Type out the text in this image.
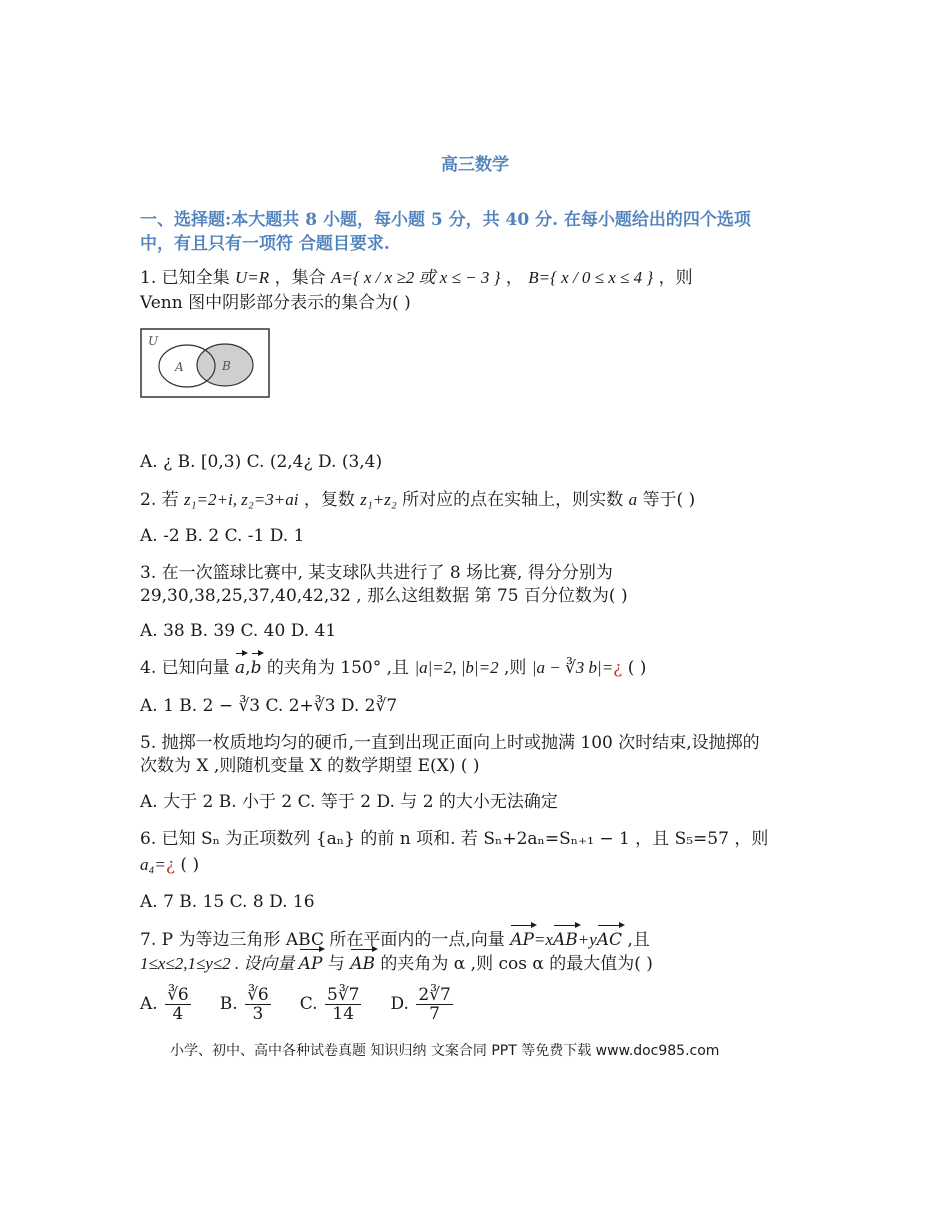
高三数学
一、选择题:本大题共 8 小题，每小题 5 分，共 40 分. 在每小题给出的四个选项
中，有且只有一项符 合题目要求.
1. 已知全集 U=R ，集合 A={ x / x ≥2 或 x ≤ − 3 } ， B={ x / 0 ≤ x ≤ 4 } ，则
Venn 图中阴影部分表示的集合为( )
U
A	B
A. ¿ B. [0,3) C. (2,4¿ D. (3,4)
2. 若 z₁=2+i, z₂=3+ai ，复数 z₁+z₂ 所对应的点在实轴上，则实数 a 等于( )
A. -2 B. 2 C. -1 D. 1
3. 在一次篮球比赛中, 某支球队共进行了 8 场比赛, 得分分别为
29,30,38,25,37,40,42,32 , 那么这组数据 第 75 百分位数为( )
A. 38 B. 39 C. 40 D. 41
4. 已知向量 a,b 的夹角为 150° ,且 |a|=2, |b|=2 ,则 |a − ∛3 b|=¿ ( )
A. 1 B. 2 − ∛3 C. 2+∛3 D. 2∛7
5. 抛掷一枚质地均匀的硬币,一直到出现正面向上时或抛满 100 次时结束,设抛掷的
次数为 X ,则随机变量 X 的数学期望 E(X) ( )
A. 大于 2 B. 小于 2 C. 等于 2 D. 与 2 的大小无法确定
6. 已知 Sₙ 为正项数列 {aₙ} 的前 n 项和. 若 Sₙ+2aₙ=Sₙ₊₁ − 1 ，且 S₅=57 ，则
a₄=¿ ( )
A. 7 B. 15 C. 8 D. 16
7. P 为等边三角形 ABC 所在平面内的一点,向量 AP=xAB+yAC ,且
1≤x≤2,1≤y≤2 . 设向量 AP 与 AB 的夹角为 α ,则 cos α 的最大值为( )
A. $\frac{∛6}{4} B$. $\frac{∛6}{3} C$. $\frac{5∛7}{14} D$. $\frac{2∛7}{7}$
小学、初中、高中各种试卷真题 知识归纳 文案合同 PPT 等免费下载 www.doc985.com
